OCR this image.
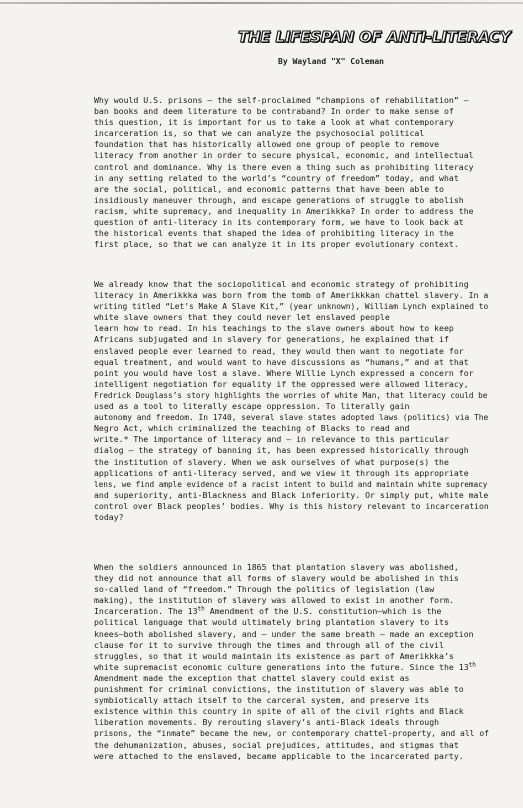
THE LIFESPAN OF ANTI-LITERACY
By Wayland "X" Coleman
Why would U.S. prisons – the self-proclaimed “champions of rehabilitation” –
ban books and deem literature to be contraband? In order to make sense of
this question, it is important for us to take a look at what contemporary
incarceration is, so that we can analyze the psychosocial political
foundation that has historically allowed one group of people to remove
literacy from another in order to secure physical, economic, and intellectual
control and dominance. Why is there even a thing such as prohibiting literacy
in any setting related to the world’s “country of freedom” today, and what
are the social, political, and economic patterns that have been able to
insidiously maneuver through, and escape generations of struggle to abolish
racism, white supremacy, and inequality in Amerikkka? In order to address the
question of anti-literacy in its contemporary form, we have to look back at
the historical events that shaped the idea of prohibiting literacy in the
first place, so that we can analyze it in its proper evolutionary context.
We already know that the sociopolitical and economic strategy of prohibiting
literacy in Amerikkka was born from the tomb of Amerikkkan chattel slavery. In a
writing titled “Let’s Make A Slave Kit,” (year unknown), William Lynch explained to
white slave owners that they could never let enslaved people
learn how to read. In his teachings to the slave owners about how to keep
Africans subjugated and in slavery for generations, he explained that if
enslaved people ever learned to read, they would then want to negotiate for
equal treatment, and would want to have discussions as “humans,” and at that
point you would have lost a slave. Where Willie Lynch expressed a concern for
intelligent negotiation for equality if the oppressed were allowed literacy,
Fredrick Douglass’s story highlights the worries of white Man, that literacy could be
used as a tool to literally escape oppression. To literally gain
autonomy and freedom. In 1740, several slave states adopted laws (politics) via The
Negro Act, which criminalized the teaching of Blacks to read and
write.* The importance of literacy and – in relevance to this particular
dialog – the strategy of banning it, has been expressed historically through
the institution of slavery. When we ask ourselves of what purpose(s) the
applications of anti-literacy served, and we view it through its appropriate
lens, we find ample evidence of a racist intent to build and maintain white supremacy
and superiority, anti-Blackness and Black inferiority. Or simply put, white male
control over Black peoples’ bodies. Why is this history relevant to incarceration
today?
When the soldiers announced in 1865 that plantation slavery was abolished,
they did not announce that all forms of slavery would be abolished in this
so-called land of “freedom.” Through the politics of legislation (law
making), the institution of slavery was allowed to exist in another form.
Incarceration. The 13th Amendment of the U.S. constitution–which is the
political language that would ultimately bring plantation slavery to its
knees–both abolished slavery, and – under the same breath – made an exception
clause for it to survive through the times and through all of the civil
struggles, so that it would maintain its existence as part of Amerikkka’s
white supremacist economic culture generations into the future. Since the 13th
Amendment made the exception that chattel slavery could exist as
punishment for criminal convictions, the institution of slavery was able to
symbiotically attach itself to the carceral system, and preserve its
existence within this country in spite of all of the civil rights and Black
liberation movements. By rerouting slavery’s anti-Black ideals through
prisons, the “inmate” became the new, or contemporary chattel-property, and all of
the dehumanization, abuses, social prejudices, attitudes, and stigmas that
were attached to the enslaved, became applicable to the incarcerated party.
